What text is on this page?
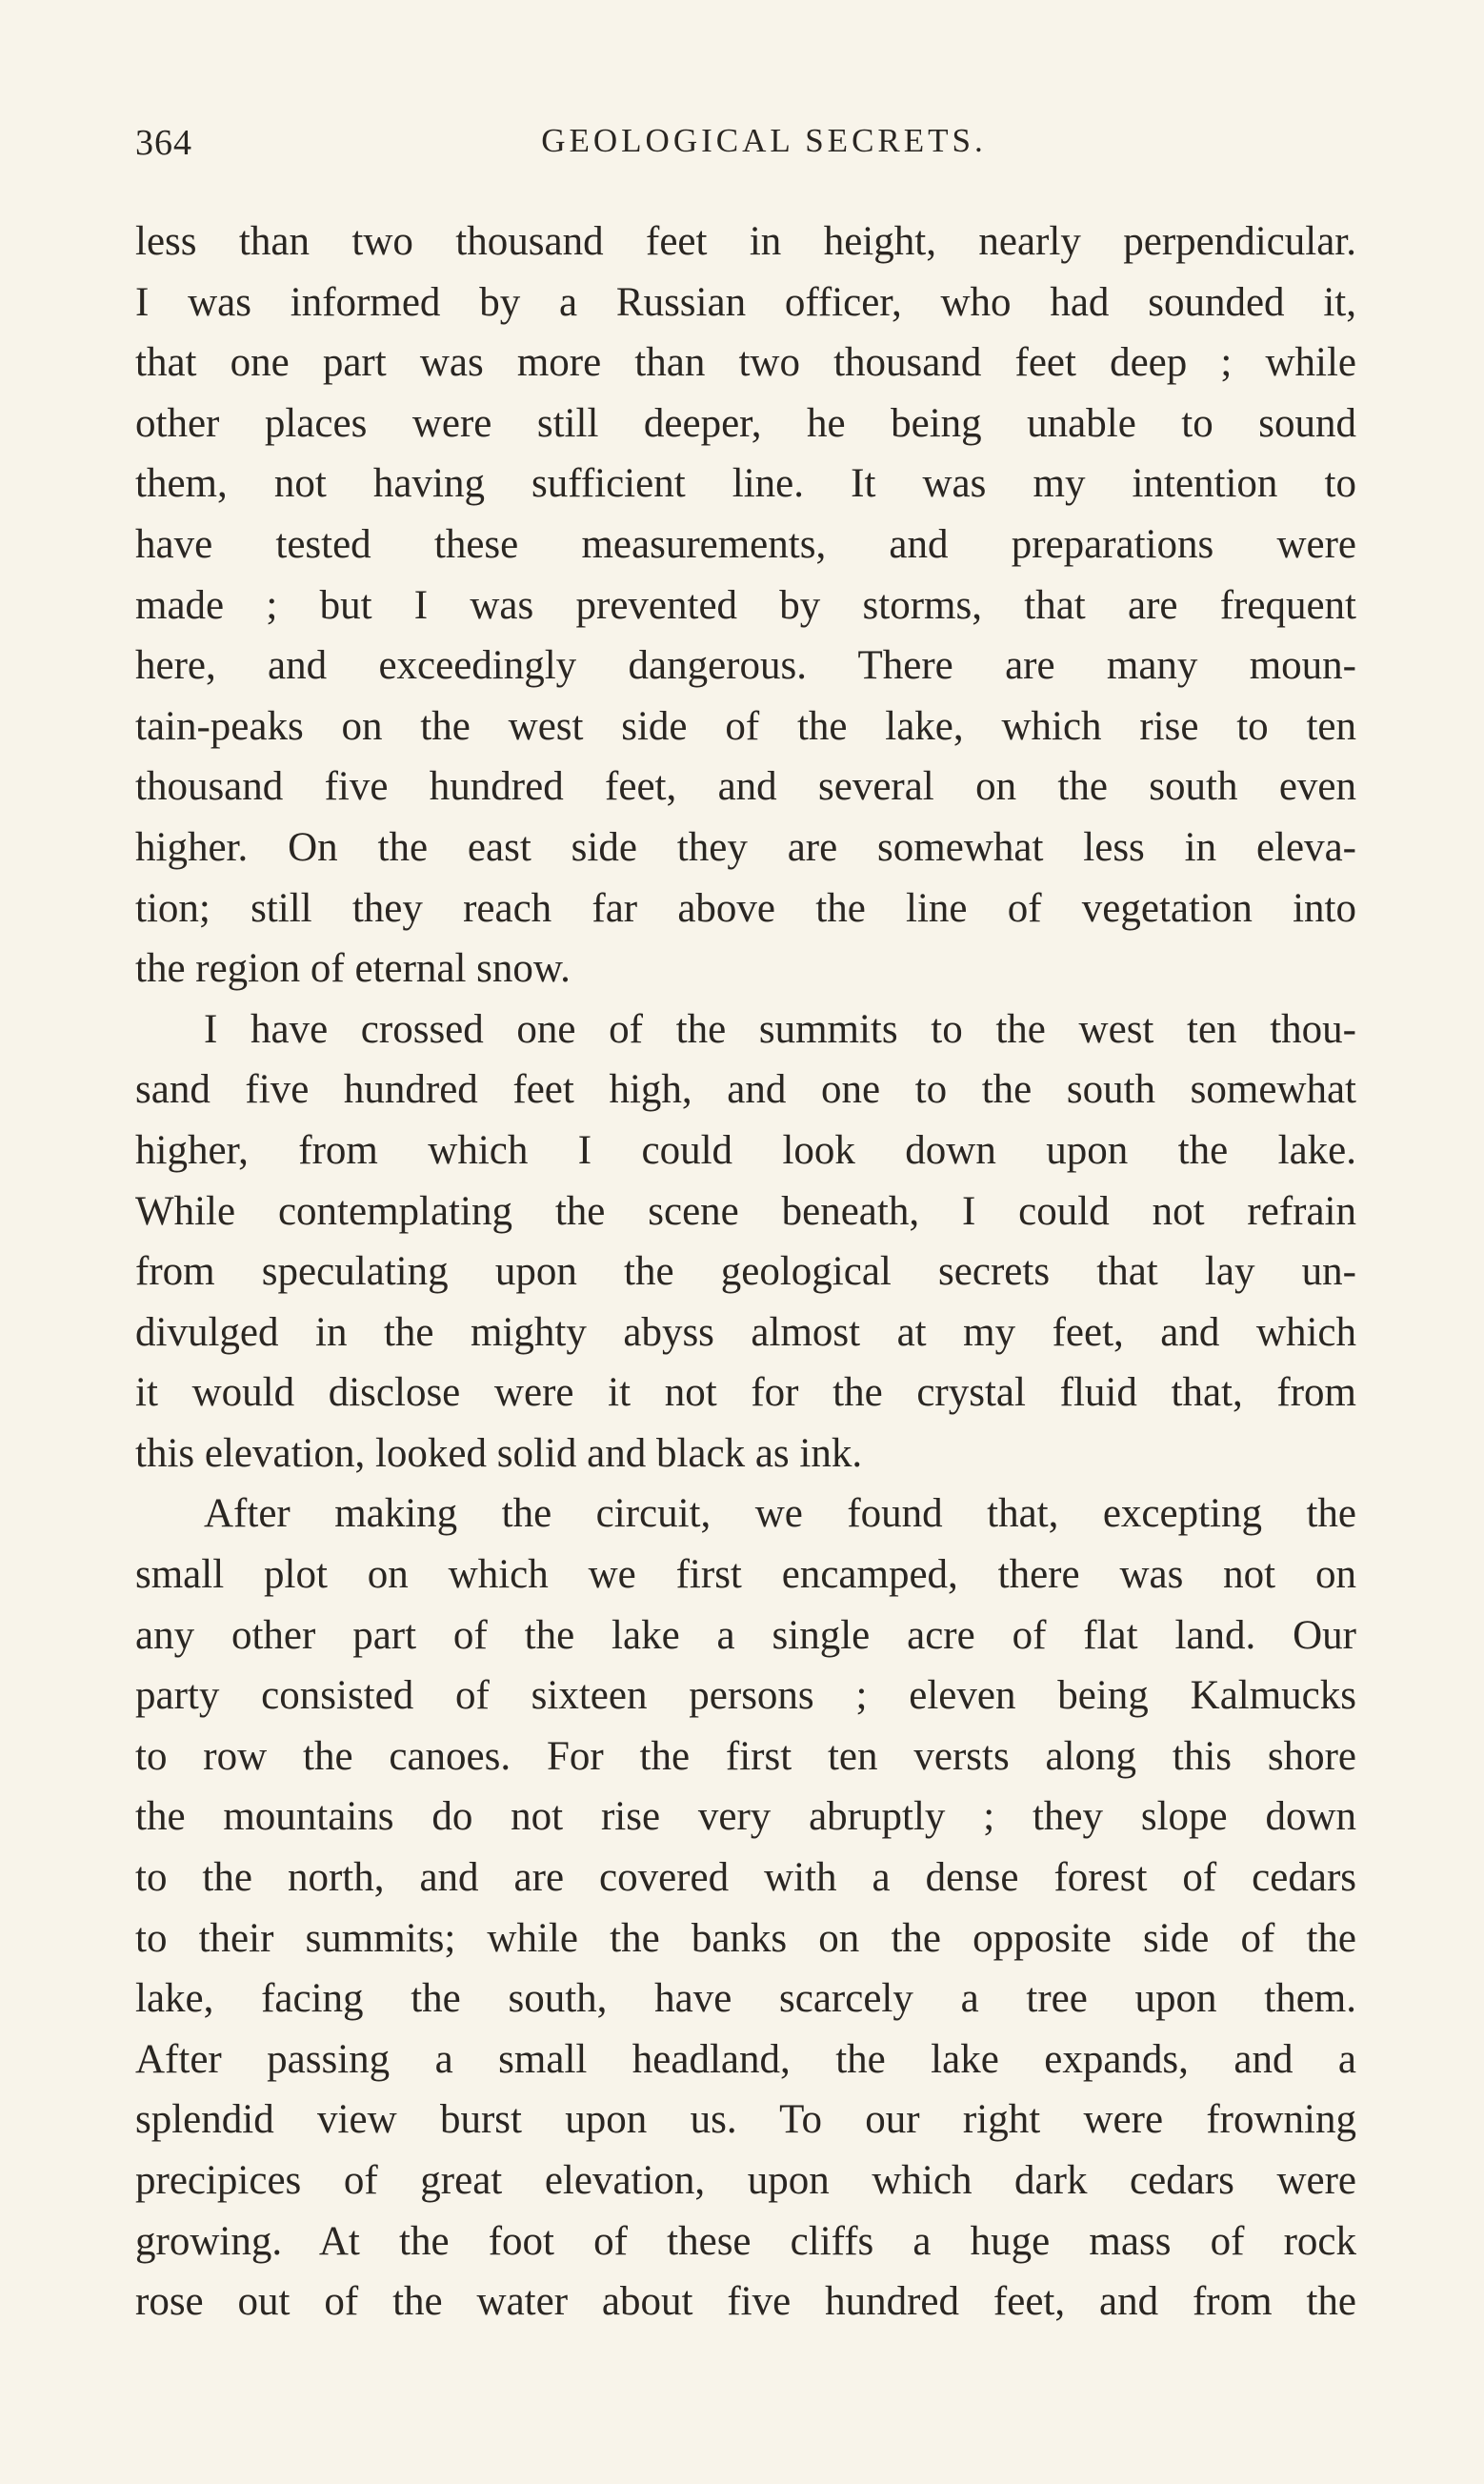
364	GEOLOGICAL SECRETS.
less than two thousand feet in height, nearly perpendicular.
I was informed by a Russian officer, who had sounded it,
that one part was more than two thousand feet deep ; while
other places were still deeper, he being unable to sound
them, not having sufficient line. It was my intention to
have tested these measurements, and preparations were
made ; but I was prevented by storms, that are frequent
here, and exceedingly dangerous. There are many moun-
tain-peaks on the west side of the lake, which rise to ten
thousand five hundred feet, and several on the south even
higher. On the east side they are somewhat less in eleva-
tion; still they reach far above the line of vegetation into
the region of eternal snow.
I have crossed one of the summits to the west ten thou-
sand five hundred feet high, and one to the south somewhat
higher, from which I could look down upon the lake.
While contemplating the scene beneath, I could not refrain
from speculating upon the geological secrets that lay un-
divulged in the mighty abyss almost at my feet, and which
it would disclose were it not for the crystal fluid that, from
this elevation, looked solid and black as ink.
After making the circuit, we found that, excepting the
small plot on which we first encamped, there was not on
any other part of the lake a single acre of flat land. Our
party consisted of sixteen persons ; eleven being Kalmucks
to row the canoes. For the first ten versts along this shore
the mountains do not rise very abruptly ; they slope down
to the north, and are covered with a dense forest of cedars
to their summits; while the banks on the opposite side of the
lake, facing the south, have scarcely a tree upon them.
After passing a small headland, the lake expands, and a
splendid view burst upon us. To our right were frowning
precipices of great elevation, upon which dark cedars were
growing. At the foot of these cliffs a huge mass of rock
rose out of the water about five hundred feet, and from the
